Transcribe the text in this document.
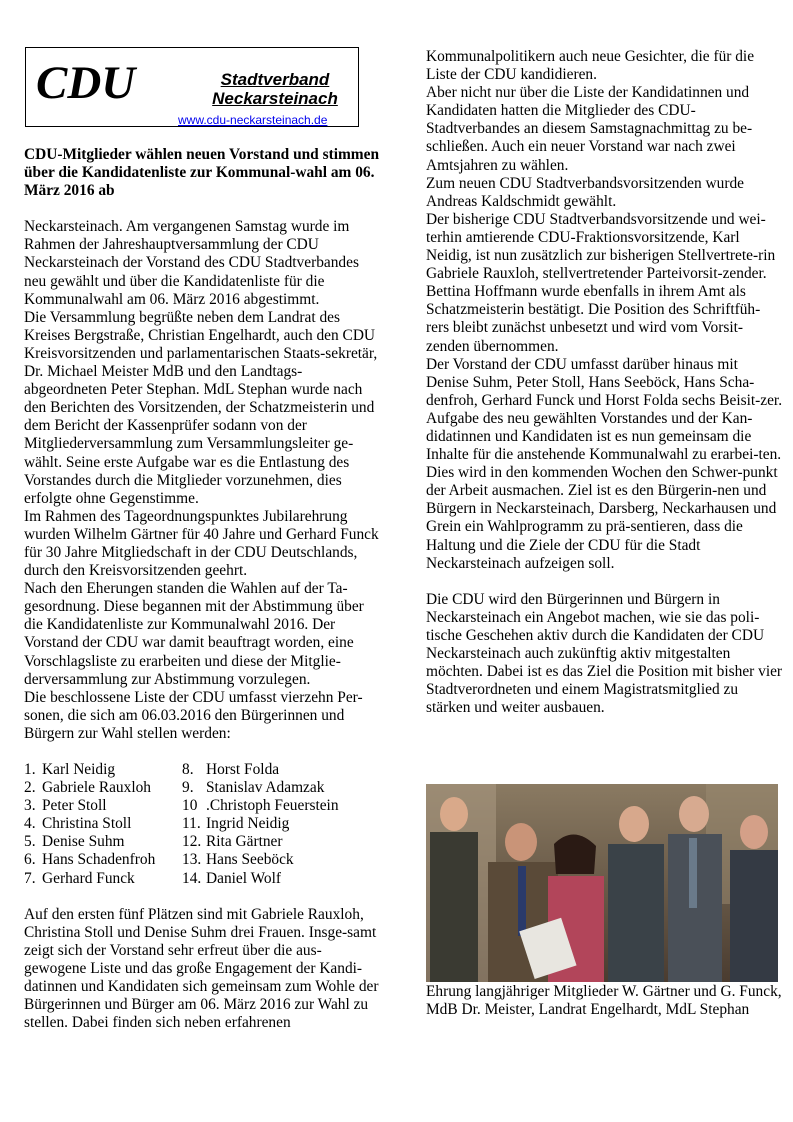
CDU	Stadtverband
Neckarsteinach
www.cdu-neckarsteinach.de

CDU-Mitglieder wählen neuen Vorstand und stimmen über die Kandidatenliste zur Kommunal-wahl am 06. März 2016 ab

Neckarsteinach. Am vergangenen Samstag wurde im Rahmen der Jahreshauptversammlung der CDU Neckarsteinach der Vorstand des CDU Stadtverbandes neu gewählt und über die Kandidatenliste für die Kommunalwahl am 06. März 2016 abgestimmt.

Die Versammlung begrüßte neben dem Landrat des Kreises Bergstraße, Christian Engelhardt, auch den CDU Kreisvorsitzenden und parlamentarischen Staats-sekretär, Dr. Michael Meister MdB und den Landtags-abgeordneten Peter Stephan. MdL Stephan wurde nach den Berichten des Vorsitzenden, der Schatzmeisterin und dem Bericht der Kassenprüfer sodann von der Mitgliederversammlung zum Versammlungsleiter ge-wählt. Seine erste Aufgabe war es die Entlastung des Vorstandes durch die Mitglieder vorzunehmen, dies erfolgte ohne Gegenstimme.

Im Rahmen des Tageordnungspunktes Jubilarehrung wurden Wilhelm Gärtner für 40 Jahre und Gerhard Funck für 30 Jahre Mitgliedschaft in der CDU Deutschlands, durch den Kreisvorsitzenden geehrt.

Nach den Eherungen standen die Wahlen auf der Ta-gesordnung. Diese begannen mit der Abstimmung über die Kandidatenliste zur Kommunalwahl 2016. Der Vorstand der CDU war damit beauftragt worden, eine Vorschlagsliste zu erarbeiten und diese der Mitglie-derversammlung zur Abstimmung vorzulegen.

Die beschlossene Liste der CDU umfasst vierzehn Per-sonen, die sich am 06.03.2016 den Bürgerinnen und Bürgern zur Wahl stellen werden:

1. Karl Neidig	8. Horst Folda
2. Gabriele Rauxloh 9. Stanislav Adamzak
3. Peter Stoll	10 .Christoph Feuerstein
4. Christina Stoll	11. Ingrid Neidig
5. Denise Suhm	12. Rita Gärtner
6. Hans Schadenfroh 13. Hans Seeböck
7. Gerhard Funck	14. Daniel Wolf

Auf den ersten fünf Plätzen sind mit Gabriele Rauxloh, Christina Stoll und Denise Suhm drei Frauen. Insge-samt zeigt sich der Vorstand sehr erfreut über die aus-gewogene Liste und das große Engagement der Kandi-datinnen und Kandidaten sich gemeinsam zum Wohle der Bürgerinnen und Bürger am 06. März 2016 zur Wahl zu stellen. Dabei finden sich neben erfahrenen

Kommunalpolitikern auch neue Gesichter, die für die Liste der CDU kandidieren.

Aber nicht nur über die Liste der Kandidatinnen und Kandidaten hatten die Mitglieder des CDU-Stadtverbandes an diesem Samstagnachmittag zu be-schließen. Auch ein neuer Vorstand war nach zwei Amtsjahren zu wählen.

Zum neuen CDU Stadtverbandsvorsitzenden wurde Andreas Kaldschmidt gewählt.

Der bisherige CDU Stadtverbandsvorsitzende und wei-terhin amtierende CDU-Fraktionsvorsitzende, Karl Neidig, ist nun zusätzlich zur bisherigen Stellvertrete-rin Gabriele Rauxloh, stellvertretender Parteivorsit-zender.

Bettina Hoffmann wurde ebenfalls in ihrem Amt als Schatzmeisterin bestätigt. Die Position des Schriftfüh-rers bleibt zunächst unbesetzt und wird vom Vorsit-zenden übernommen.

Der Vorstand der CDU umfasst darüber hinaus mit Denise Suhm, Peter Stoll, Hans Seeböck, Hans Scha-denfroh, Gerhard Funck und Horst Folda sechs Beisit-zer.

Aufgabe des neu gewählten Vorstandes und der Kan-didatinnen und Kandidaten ist es nun gemeinsam die Inhalte für die anstehende Kommunalwahl zu erarbei-ten.

Dies wird in den kommenden Wochen den Schwer-punkt der Arbeit ausmachen. Ziel ist es den Bürgerin-nen und Bürgern in Neckarsteinach, Darsberg, Neckarhausen und Grein ein Wahlprogramm zu prä-sentieren, dass die Haltung und die Ziele der CDU für die Stadt Neckarsteinach aufzeigen soll.

Die CDU wird den Bürgerinnen und Bürgern in Neckarsteinach ein Angebot machen, wie sie das poli-tische Geschehen aktiv durch die Kandidaten der CDU Neckarsteinach auch zukünftig aktiv mitgestalten möchten. Dabei ist es das Ziel die Position mit bisher vier Stadtverordneten und einem Magistratsmitglied zu stärken und weiter ausbauen.

Ehrung langjähriger Mitglieder W. Gärtner und G. Funck, MdB Dr. Meister, Landrat Engelhardt, MdL Stephan
